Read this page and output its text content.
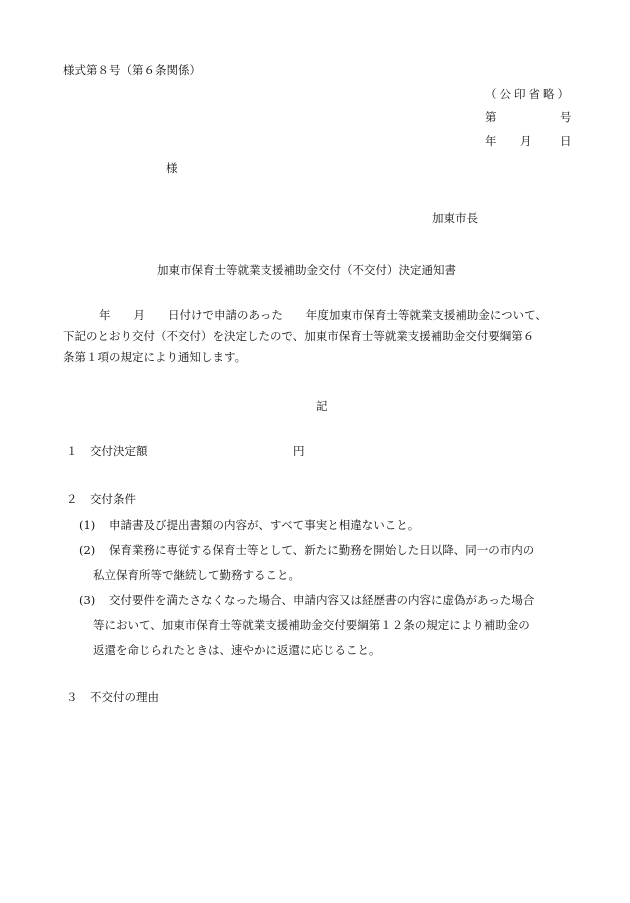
様式第８号（第６条関係）
（公印省略）
第	号
年 月 日
様
加東市長
加東市保育士等就業支援補助金交付（不交付）決定通知書
年　　月　　日付けで申請のあった　　年度加東市保育士等就業支援補助金について、
下記のとおり交付（不交付）を決定したので、加東市保育士等就業支援補助金交付要綱第６
条第１項の規定により通知します。
記
１ 交付決定額	円
２ 交付条件
(1) 申請書及び提出書類の内容が、すべて事実と相違ないこと。
(2) 保育業務に専従する保育士等として、新たに勤務を開始した日以降、同一の市内の
私立保育所等で継続して勤務すること。
(3) 交付要件を満たさなくなった場合、申請内容又は経歴書の内容に虚偽があった場合
等において、加東市保育士等就業支援補助金交付要綱第１２条の規定により補助金の
返還を命じられたときは、速やかに返還に応じること。
３ 不交付の理由
